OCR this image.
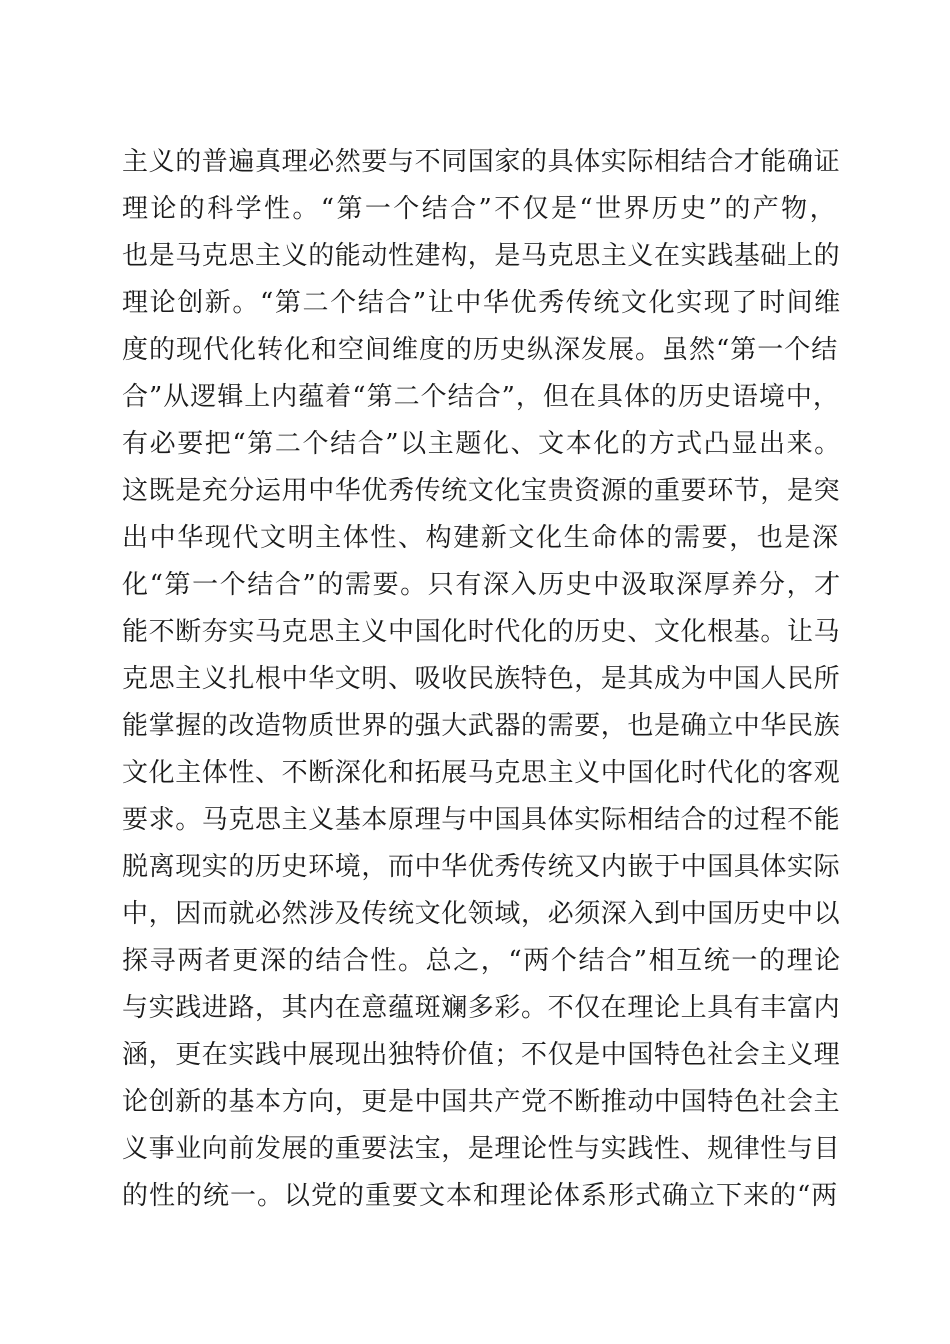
主义的普遍真理必然要与不同国家的具体实际相结合才能确证
理论的科学性。“第一个结合”不仅是“世界历史”的产物，
也是马克思主义的能动性建构，是马克思主义在实践基础上的
理论创新。“第二个结合”让中华优秀传统文化实现了时间维
度的现代化转化和空间维度的历史纵深发展。虽然“第一个结
合”从逻辑上内蕴着“第二个结合”，但在具体的历史语境中，
有必要把“第二个结合”以主题化、文本化的方式凸显出来。
这既是充分运用中华优秀传统文化宝贵资源的重要环节，是突
出中华现代文明主体性、构建新文化生命体的需要，也是深
化“第一个结合”的需要。只有深入历史中汲取深厚养分，才
能不断夯实马克思主义中国化时代化的历史、文化根基。让马
克思主义扎根中华文明、吸收民族特色，是其成为中国人民所
能掌握的改造物质世界的强大武器的需要，也是确立中华民族
文化主体性、不断深化和拓展马克思主义中国化时代化的客观
要求。马克思主义基本原理与中国具体实际相结合的过程不能
脱离现实的历史环境，而中华优秀传统又内嵌于中国具体实际
中，因而就必然涉及传统文化领域，必须深入到中国历史中以
探寻两者更深的结合性。总之，“两个结合”相互统一的理论
与实践进路，其内在意蕴斑斓多彩。不仅在理论上具有丰富内
涵，更在实践中展现出独特价值；不仅是中国特色社会主义理
论创新的基本方向，更是中国共产党不断推动中国特色社会主
义事业向前发展的重要法宝，是理论性与实践性、规律性与目
的性的统一。以党的重要文本和理论体系形式确立下来的“两
